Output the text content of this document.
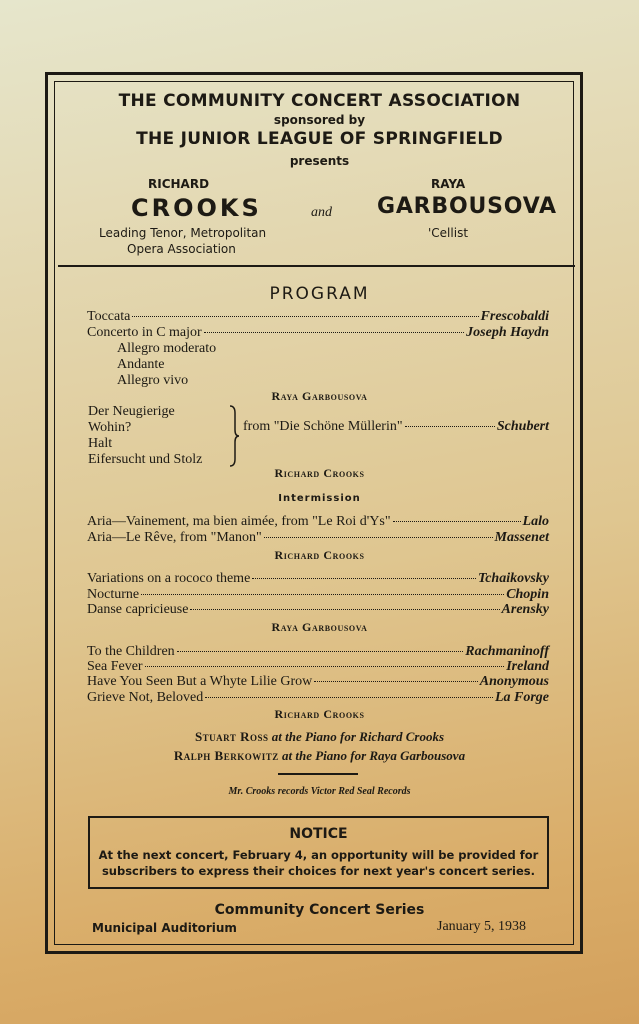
THE COMMUNITY CONCERT ASSOCIATION
sponsored by
THE JUNIOR LEAGUE OF SPRINGFIELD
presents
RICHARD
CROOKS
Leading Tenor, Metropolitan
Opera Association
and
RAYA
GARBOUSOVA
'Cellist
PROGRAM
Toccata	Frescobaldi
Concerto in C major	Joseph Haydn
Allegro moderato
Andante
Allegro vivo
Raya Garbousova
Der Neugierige
Wohin?
Halt
Eifersucht und Stolz
from "Die Schöne Müllerin"	Schubert
Richard Crooks
Intermission
Aria—Vainement, ma bien aimée, from "Le Roi d'Ys"	Lalo
Aria—Le Rêve, from "Manon"	Massenet
Richard Crooks
Variations on a rococo theme	Tchaikovsky
Nocturne	Chopin
Danse capricieuse	Arensky
Raya Garbousova
To the Children	Rachmaninoff
Sea Fever	Ireland
Have You Seen But a Whyte Lilie Grow	Anonymous
Grieve Not, Beloved	La Forge
Richard Crooks
Stuart Ross at the Piano for Richard Crooks
Ralph Berkowitz at the Piano for Raya Garbousova
Mr. Crooks records Victor Red Seal Records
NOTICE
At the next concert, February 4, an opportunity will be provided for
subscribers to express their choices for next year's concert series.
Community Concert Series
Municipal Auditorium	January 5, 1938
